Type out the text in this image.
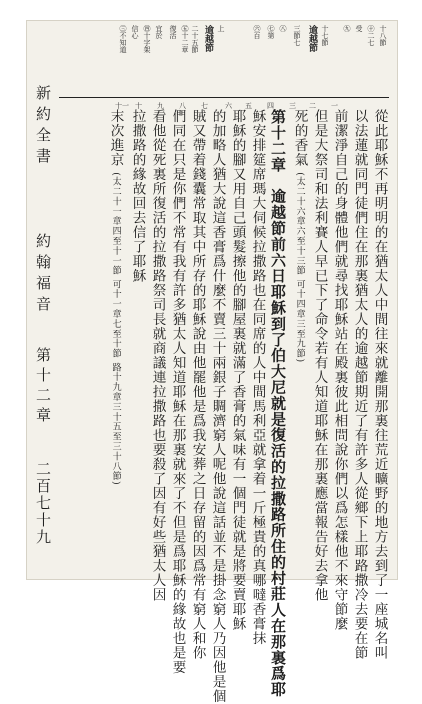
新約全書
約翰福音
第十二章
二百七十九
㊂不知道 信心 ㊃十字架 宜於 復活 ㊄十二章 二十五節 逾越節 上	㊅百 ㊆第 ㊇ 三節七 逾越節 十七節 ㊈ 受 ㊉二七 十八節
十一 十 九 八 七 六 五 四 三 二 一
從此耶穌不再明明的在猶太人中間往來就離開那裏往荒近曠野的地方去到了一座城名叫
以法蓮就同門徒們住在那裏猶太人的逾越節期近了有許多人從鄉下上耶路撒冷去要在節
前潔淨自己的身體他們就尋找耶穌站在殿裏彼此相問說你們以爲怎樣他不來守節麼
但是大祭司和法利賽人早已下了命令若有人知道耶穌在那裏應當報告好去拿他
死的香氣 (太二十六章六至十三節 可十四章三至九節)
第十二章　逾越節前六日耶穌到了伯大尼就是復活的拉撒路所住的村莊人在那裏爲耶
穌安排筵席瑪大伺候拉撒路也在同席的人中間馬利亞就拿着一斤極貴的真哪噠香膏抹
耶穌的腳又用自己頭髮擦他的腳屋裏就滿了香膏的氣味有一個門徒就是將要賣耶穌
的加略人猶大說這香膏爲什麼不賣三十兩銀子賙濟窮人呢他說這話並不是掛念窮人乃因他是個
賊又帶着錢囊常取其中所存的耶穌說由他罷他是爲我安葬之日存留的因爲常有窮人和你
們同在只是你們不常有我有許多猶太人知道耶穌在那裏就來了不但是爲耶穌的緣故也是要
看他從死裏所復活的拉撒路祭司長就商議連拉撒路也要殺了因有好些猶太人因
拉撒路的緣故回去信了耶穌
末次進京 (太二十一章四至十一節 可十一章七至十節 路十九章三十五至三十八節)
